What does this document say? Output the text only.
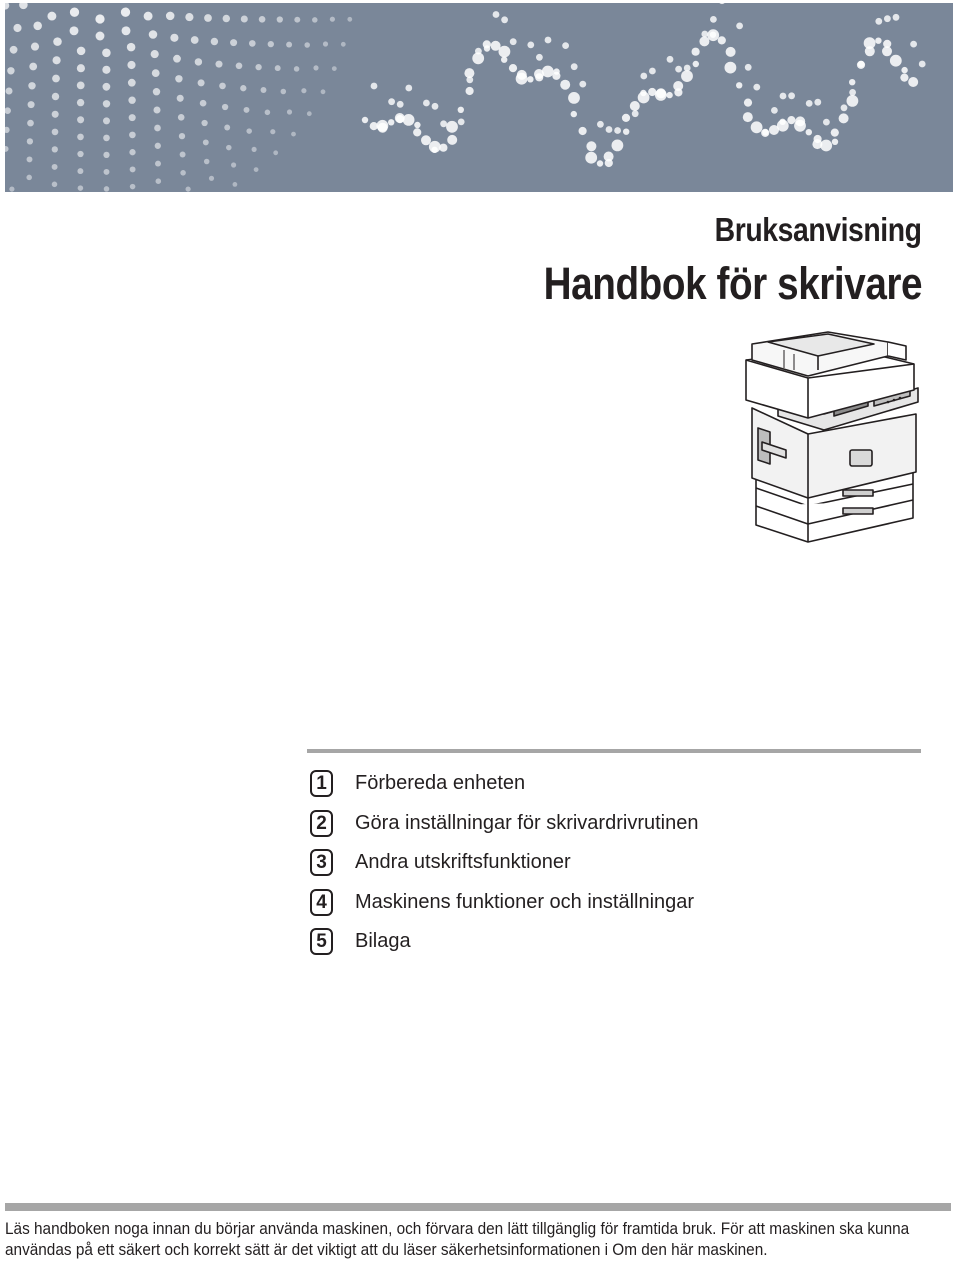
Bruksanvisning
Handbok för skrivare
1	Förbereda enheten
2	Göra inställningar för skrivardrivrutinen
3	Andra utskriftsfunktioner
4	Maskinens funktioner och inställningar
5	Bilaga

Läs handboken noga innan du börjar använda maskinen, och förvara den lätt tillgänglig för framtida bruk. För att maskinen ska kunna användas på ett säkert och korrekt sätt är det viktigt att du läser säkerhetsinformationen i Om den här maskinen.
